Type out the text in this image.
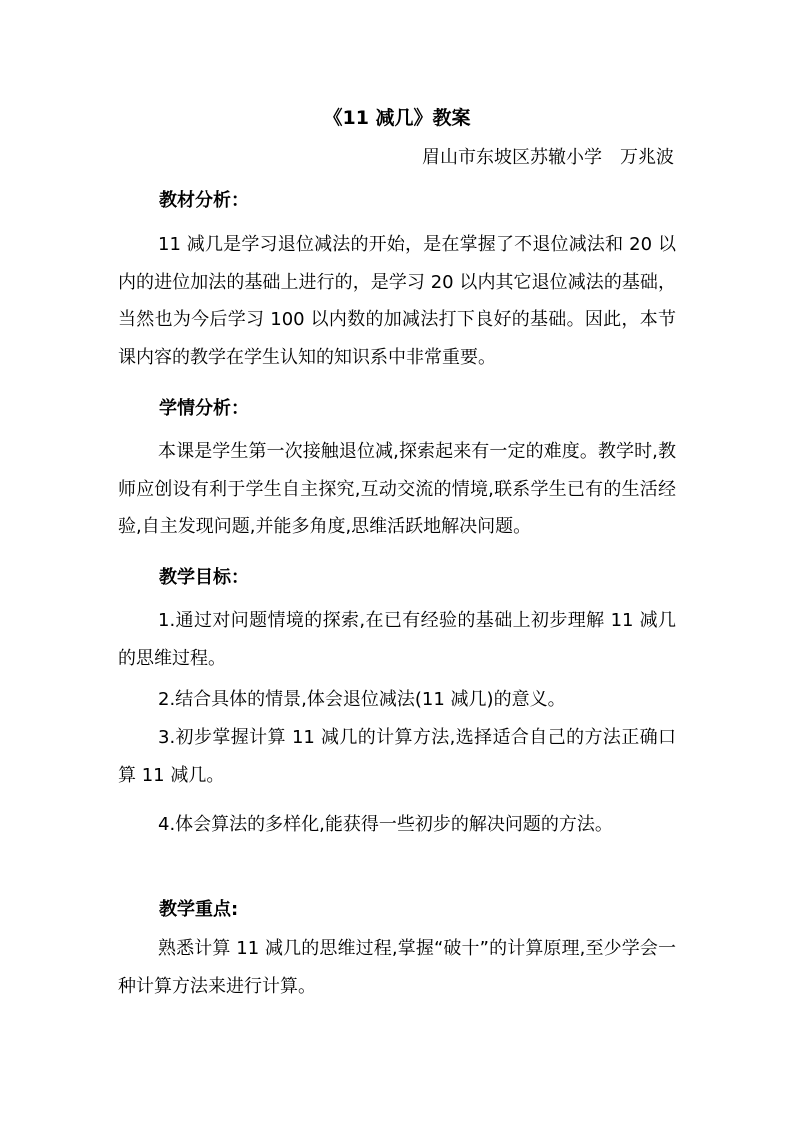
《11 减几》教案
眉山市东坡区苏辙小学　万兆波
教材分析：

11 减几是学习退位减法的开始，是在掌握了不退位减法和 20 以内的进位加法的基础上进行的，是学习 20 以内其它退位减法的基础，当然也为今后学习 100 以内数的加减法打下良好的基础。因此，本节课内容的教学在学生认知的知识系中非常重要。

学情分析：

本课是学生第一次接触退位减,探索起来有一定的难度。教学时,教师应创设有利于学生自主探究,互动交流的情境,联系学生已有的生活经验,自主发现问题,并能多角度,思维活跃地解决问题。

教学目标：

1.通过对问题情境的探索,在已有经验的基础上初步理解 11 减几的思维过程。

2.结合具体的情景,体会退位减法(11 减几)的意义。

3.初步掌握计算 11 减几的计算方法,选择适合自己的方法正确口算 11 减几。

4.体会算法的多样化,能获得一些初步的解决问题的方法。

教学重点:

熟悉计算 11 减几的思维过程,掌握“破十”的计算原理,至少学会一种计算方法来进行计算。
